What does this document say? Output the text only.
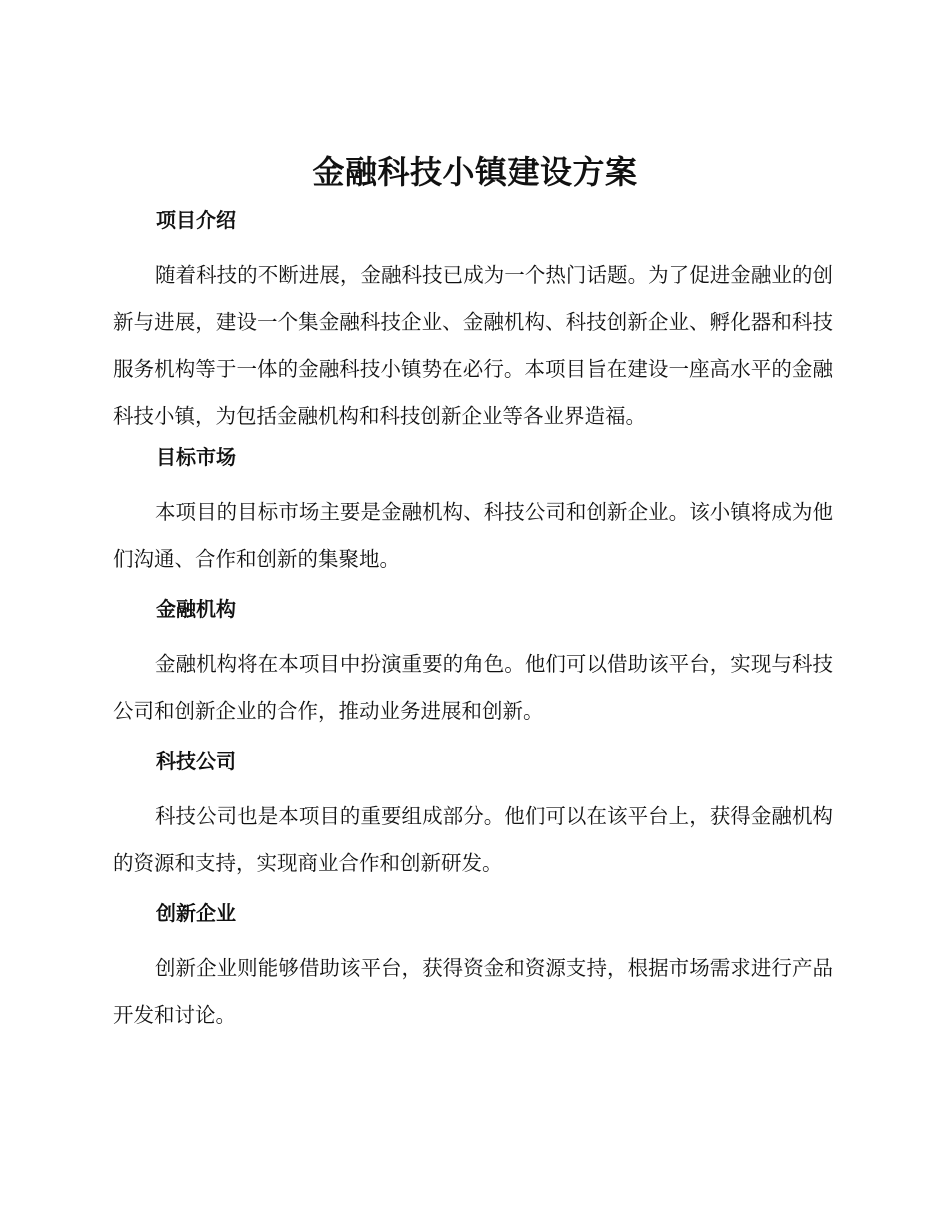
金融科技小镇建设方案
项目介绍

随着科技的不断进展，金融科技已成为一个热门话题。为了促进金融业的创新与进展，建设一个集金融科技企业、金融机构、科技创新企业、孵化器和科技服务机构等于一体的金融科技小镇势在必行。本项目旨在建设一座高水平的金融科技小镇，为包括金融机构和科技创新企业等各业界造福。

目标市场

本项目的目标市场主要是金融机构、科技公司和创新企业。该小镇将成为他们沟通、合作和创新的集聚地。

金融机构

金融机构将在本项目中扮演重要的角色。他们可以借助该平台，实现与科技公司和创新企业的合作，推动业务进展和创新。

科技公司

科技公司也是本项目的重要组成部分。他们可以在该平台上，获得金融机构的资源和支持，实现商业合作和创新研发。

创新企业

创新企业则能够借助该平台，获得资金和资源支持，根据市场需求进行产品开发和讨论。
